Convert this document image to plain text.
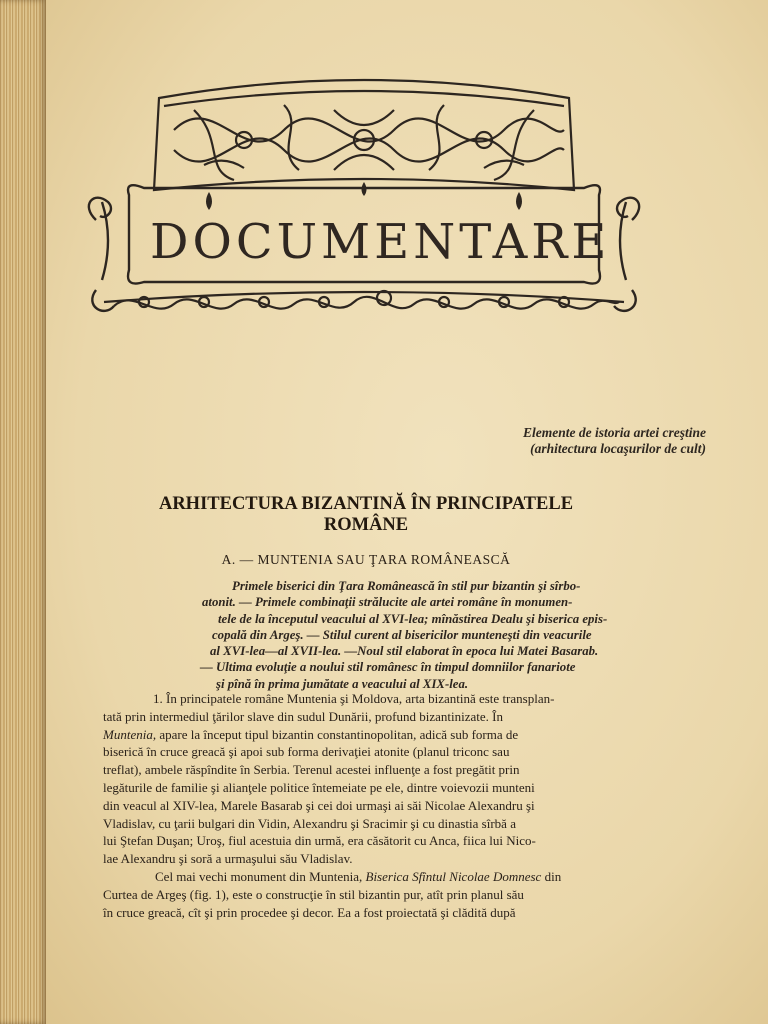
DOCUMENTARE
Elemente de istoria artei creştine
(arhitectura locaşurilor de cult)
ARHITECTURA BIZANTINĂ ÎN PRINCIPATELE
ROMÂNE
A. — MUNTENIA SAU ŢARA ROMÂNEASCĂ
Primele biserici din Ţara Românească în stil pur bizantin şi sîrbo-
atonit. — Primele combinaţii strălucite ale artei române în monumen-
tele de la începutul veacului al XVI-lea; mînăstirea Dealu şi biserica epis-
copală din Argeş. — Stilul curent al bisericilor munteneşti din veacurile
al XVI-lea—al XVII-lea. —Noul stil elaborat în epoca lui Matei Basarab.
— Ultima evoluţie a noului stil românesc în timpul domniilor fanariote
şi pînă în prima jumătate a veacului al XIX-lea.
1. În principatele române Muntenia şi Moldova, arta bizantină este transplan-
tată prin intermediul ţărilor slave din sudul Dunării, profund bizantinizate. În
Muntenia, apare la început tipul bizantin constantinopolitan, adică sub forma de
biserică în cruce greacă şi apoi sub forma derivaţiei atonite (planul triconc sau
treflat), ambele răspîndite în Serbia. Terenul acestei influenţe a fost pregătit prin
legăturile de familie şi alianţele politice întemeiate pe ele, dintre voievozii munteni
din veacul al XIV-lea, Marele Basarab şi cei doi urmaşi ai săi Nicolae Alexandru şi
Vladislav, cu ţarii bulgari din Vidin, Alexandru şi Sracimir şi cu dinastia sîrbă a
lui Ştefan Duşan; Uroş, fiul acestuia din urmă, era căsătorit cu Anca, fiica lui Nico-
lae Alexandru şi soră a urmaşului său Vladislav.
Cel mai vechi monument din Muntenia, Biserica Sfîntul Nicolae Domnesc din
Curtea de Argeş (fig. 1), este o construcţie în stil bizantin pur, atît prin planul său
în cruce greacă, cît şi prin procedee şi decor. Ea a fost proiectată şi clădită după
